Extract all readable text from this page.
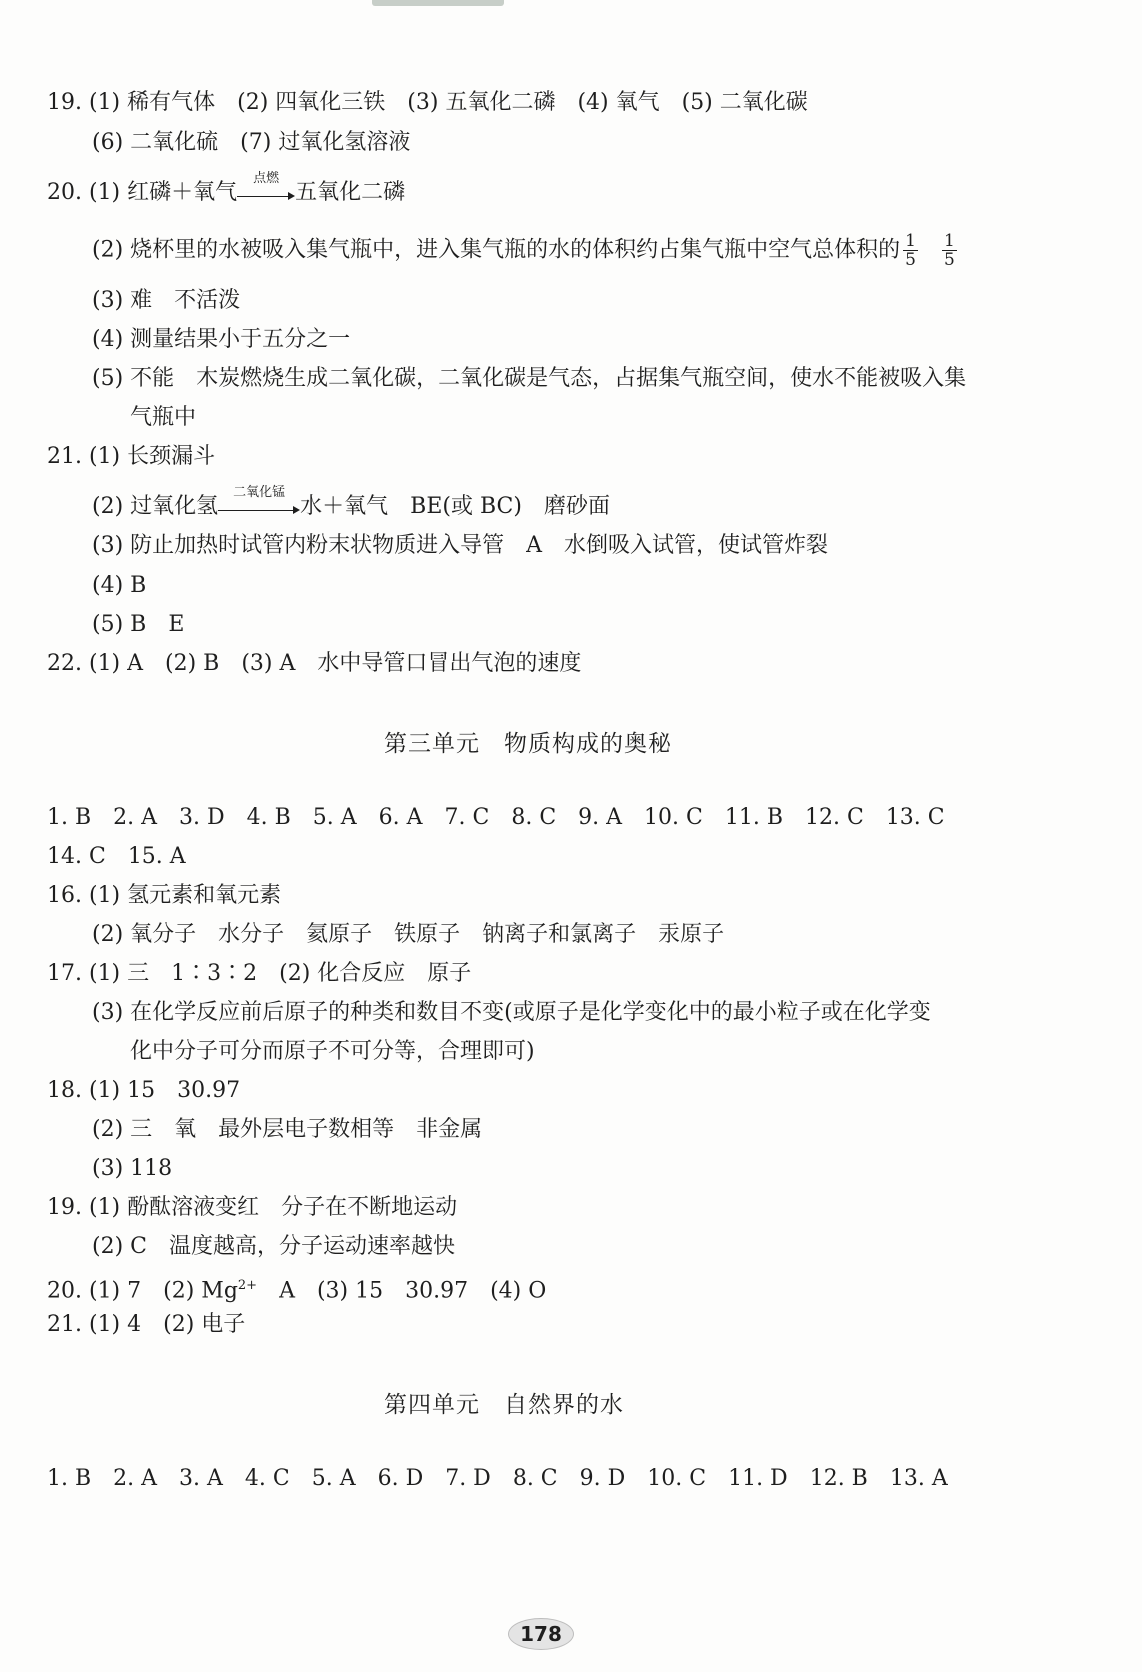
19. (1) 稀有气体　(2) 四氧化三铁　(3) 五氧化二磷　(4) 氧气　(5) 二氧化碳
(6) 二氧化硫　(7) 过氧化氢溶液
20. (1) 红磷＋氧气
点燃
五氧化二磷
(2) 烧杯里的水被吸入集气瓶中，进入集气瓶的水的体积约占集气瓶中空气总体积的 $\frac{1}{5} \frac{1}{5}$
(3) 难　不活泼
(4) 测量结果小于五分之一
(5) 不能　木炭燃烧生成二氧化碳，二氧化碳是气态，占据集气瓶空间，使水不能被吸入集
气瓶中
21. (1) 长颈漏斗
(2) 过氧化氢
二氧化锰
水＋氧气　BE(或 BC)　磨砂面
(3) 防止加热时试管内粉末状物质进入导管　A　水倒吸入试管，使试管炸裂
(4) B
(5) B　E
22. (1) A　(2) B　(3) A　水中导管口冒出气泡的速度
第三单元　物质构成的奥秘
1. B　2. A　3. D　4. B　5. A　6. A　7. C　8. C　9. A　10. C　11. B　12. C　13. C
14. C　15. A
16. (1) 氢元素和氧元素
(2) 氧分子　水分子　氦原子　铁原子　钠离子和氯离子　汞原子
17. (1) 三　1∶3∶2　(2) 化合反应　原子
(3) 在化学反应前后原子的种类和数目不变(或原子是化学变化中的最小粒子或在化学变
化中分子可分而原子不可分等，合理即可)
18. (1) 15　30.97
(2) 三　氧　最外层电子数相等　非金属
(3) 118
19. (1) 酚酞溶液变红　分子在不断地运动
(2) C　温度越高，分子运动速率越快
20. (1) 7　(2) $Mg^{2+}$　A　(3) 15　30.97　(4) O
21. (1) 4　(2) 电子
第四单元　自然界的水
1. B　2. A　3. A　4. C　5. A　6. D　7. D　8. C　9. D　10. C　11. D　12. B　13. A
178
